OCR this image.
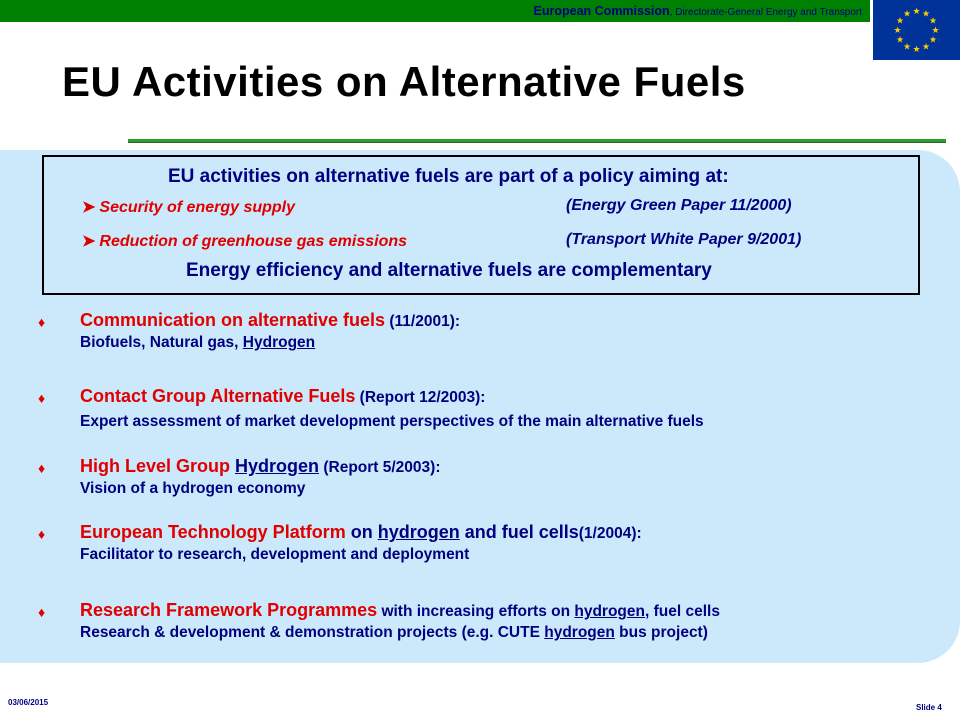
European Commission, Directorate-General Energy and Transport	★ ★
★
★
★
★
★
★
★
★
★
★
EU Activities on Alternative Fuels
EU activities on alternative fuels are part of a policy aiming at:
➤ Security of energy supply	(Energy Green Paper 11/2000)
➤ Reduction of greenhouse gas emissions	(Transport White Paper 9/2001)
Energy efficiency and alternative fuels are complementary
♦ Communication on alternative fuels (11/2001):
Biofuels, Natural gas, Hydrogen
♦ Contact Group Alternative Fuels (Report 12/2003):
Expert assessment of market development perspectives of the main alternative fuels
♦ High Level Group Hydrogen (Report 5/2003):
Vision of a hydrogen economy
♦ European Technology Platform on hydrogen and fuel cells(1/2004):
Facilitator to research, development and deployment
♦ Research Framework Programmes with increasing efforts on hydrogen, fuel cells
Research & development & demonstration projects (e.g. CUTE hydrogen bus project)
03/06/2015
Slide 4
